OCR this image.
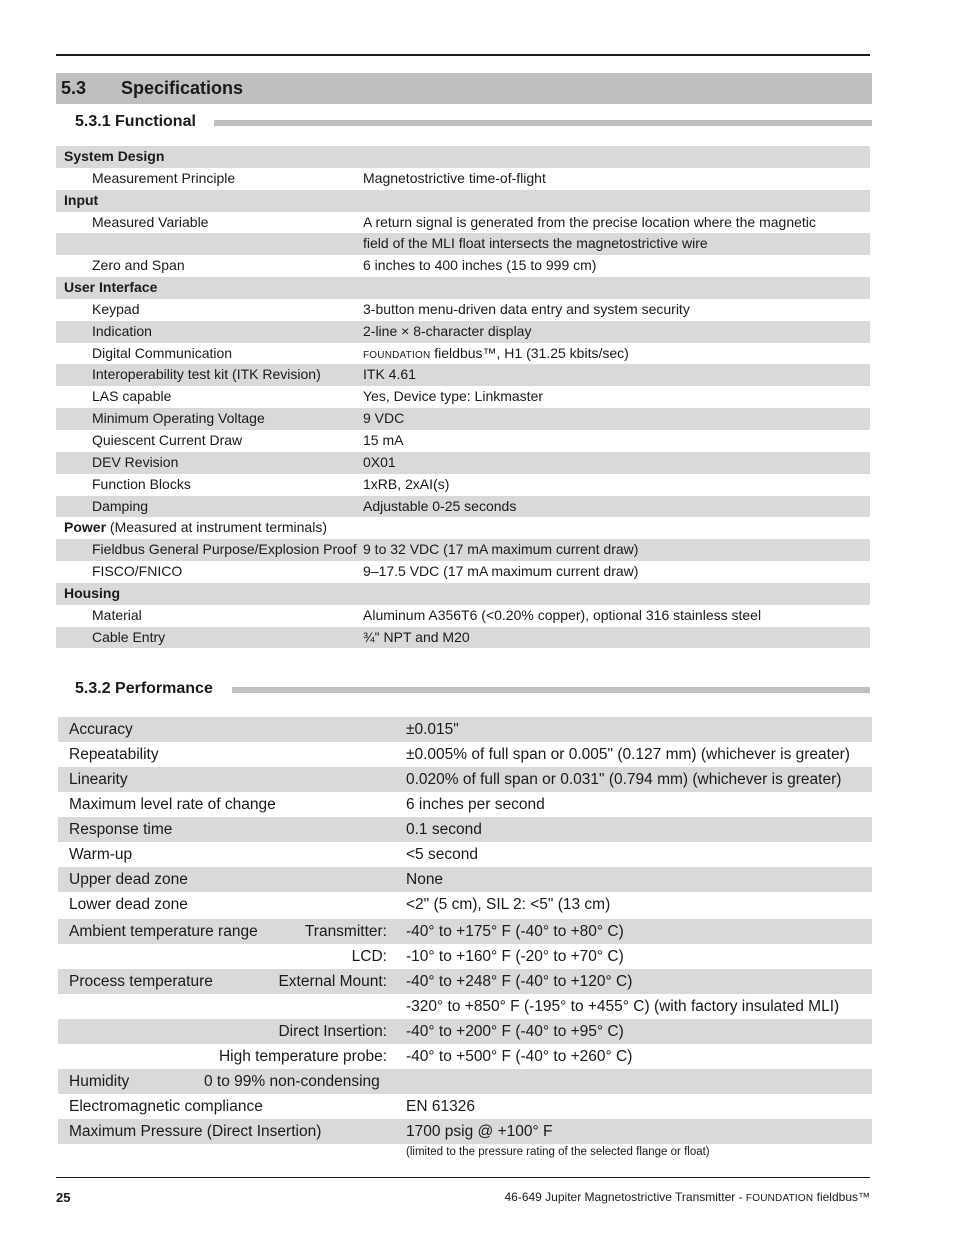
5.3 Specifications
5.3.1 Functional
System Design
Measurement Principle	Magnetostrictive time-of-flight
Input
Measured Variable	A return signal is generated from the precise location where the magnetic
field of the MLI float intersects the magnetostrictive wire
Zero and Span	6 inches to 400 inches (15 to 999 cm)
User Interface
Keypad	3-button menu-driven data entry and system security
Indication	2-line × 8-character display
Digital Communication	FOUNDATION fieldbus™, H1 (31.25 kbits/sec)
Interoperability test kit (ITK Revision)	ITK 4.61
LAS capable	Yes, Device type: Linkmaster
Minimum Operating Voltage	9 VDC
Quiescent Current Draw	15 mA
DEV Revision	0X01
Function Blocks	1xRB, 2xAI(s)
Damping	Adjustable 0-25 seconds
Power (Measured at instrument terminals)
Fieldbus General Purpose/Explosion Proof 9 to 32 VDC (17 mA maximum current draw)
FISCO/FNICO	9–17.5 VDC (17 mA maximum current draw)
Housing
Material	Aluminum A356T6 (<0.20% copper), optional 316 stainless steel
Cable Entry	¾" NPT and M20
5.3.2 Performance
Accuracy	±0.015"
Repeatability	±0.005% of full span or 0.005" (0.127 mm) (whichever is greater)
Linearity	0.020% of full span or 0.031" (0.794 mm) (whichever is greater)
Maximum level rate of change	6 inches per second
Response time	0.1 second
Warm-up	<5 second
Upper dead zone	None
Lower dead zone	<2" (5 cm), SIL 2: <5" (13 cm)
Ambient temperature range	Transmitter: -40° to +175° F (-40° to +80° C)
LCD: -10° to +160° F (-20° to +70° C)
Process temperature	External Mount: -40° to +248° F (-40° to +120° C)
-320° to +850° F (-195° to +455° C) (with factory insulated MLI)
Direct Insertion: -40° to +200° F (-40° to +95° C)
High temperature probe: -40° to +500° F (-40° to +260° C)
Humidity	0 to 99% non-condensing
Electromagnetic compliance	EN 61326
Maximum Pressure (Direct Insertion)	1700 psig @ +100° F
(limited to the pressure rating of the selected flange or float)
25	46-649 Jupiter Magnetostrictive Transmitter - FOUNDATION fieldbus™
